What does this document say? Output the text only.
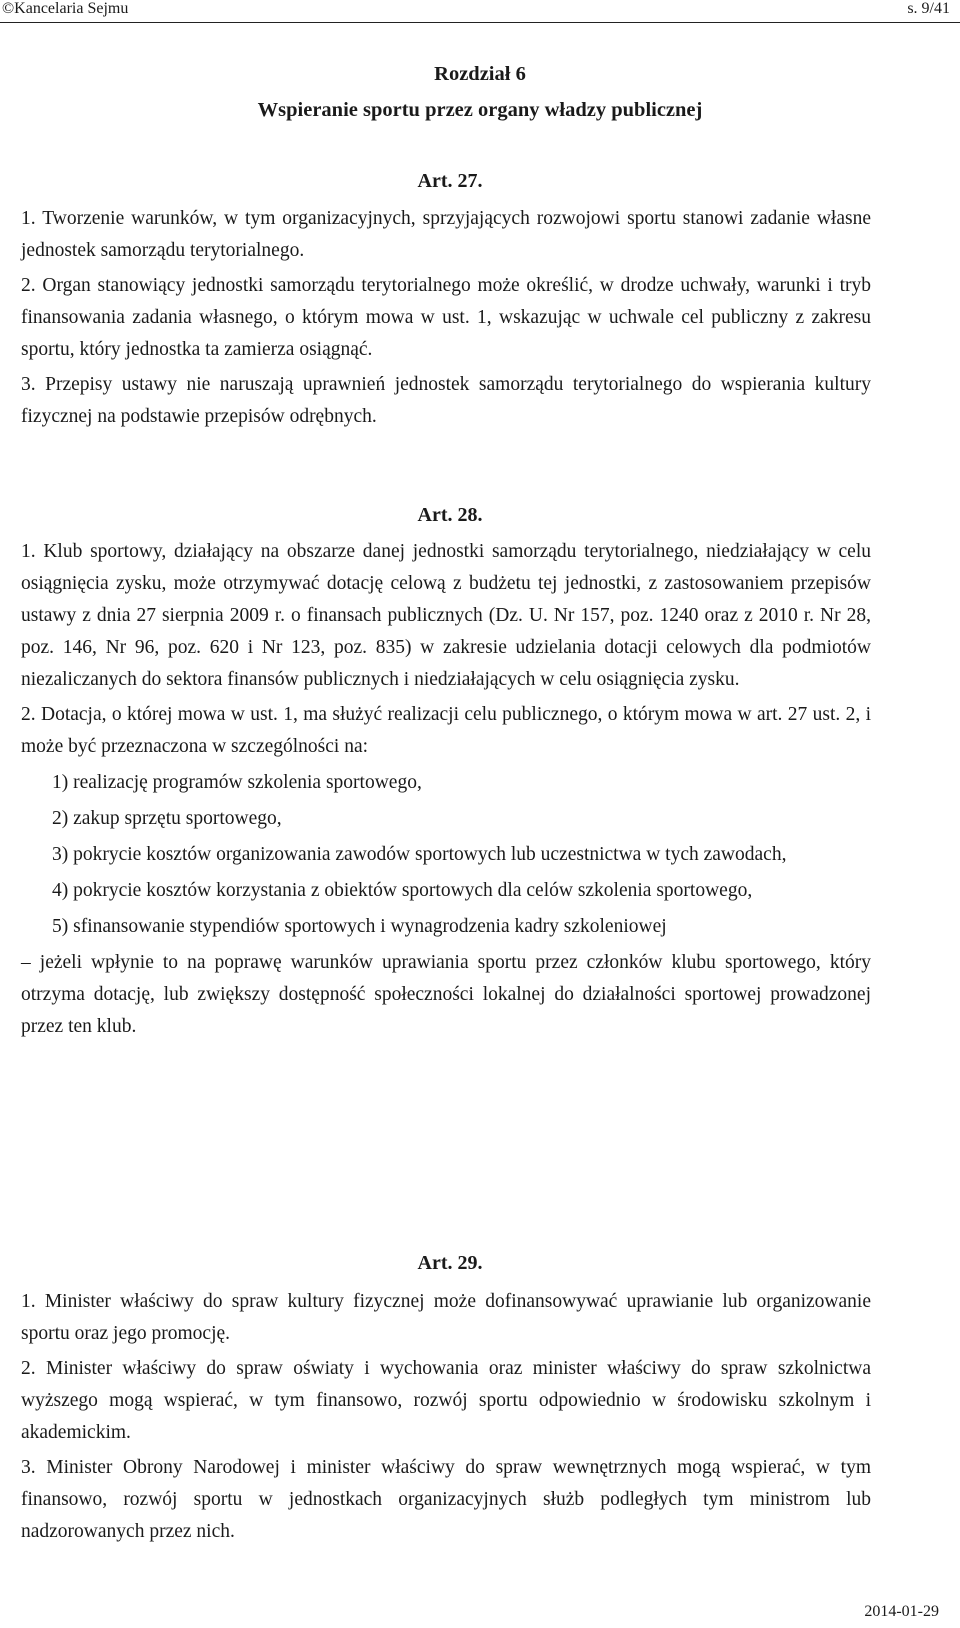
©Kancelaria Sejmu	s. 9/41
Rozdział 6
Wspieranie sportu przez organy władzy publicznej
Art. 27.

1. Tworzenie warunków, w tym organizacyjnych, sprzyjających rozwojowi sportu stanowi zadanie własne jednostek samorządu terytorialnego.

2. Organ stanowiący jednostki samorządu terytorialnego może określić, w drodze uchwały, warunki i tryb finansowania zadania własnego, o którym mowa w ust. 1, wskazując w uchwale cel publiczny z zakresu sportu, który jednostka ta zamierza osiągnąć.

3. Przepisy ustawy nie naruszają uprawnień jednostek samorządu terytorialnego do wspierania kultury fizycznej na podstawie przepisów odrębnych.

Art. 28.

1. Klub sportowy, działający na obszarze danej jednostki samorządu terytorialnego, niedziałający w celu osiągnięcia zysku, może otrzymywać dotację celową z budżetu tej jednostki, z zastosowaniem przepisów ustawy z dnia 27 sierpnia 2009 r. o finansach publicznych (Dz. U. Nr 157, poz. 1240 oraz z 2010 r. Nr 28, poz. 146, Nr 96, poz. 620 i Nr 123, poz. 835) w zakresie udzielania dotacji celowych dla podmiotów niezaliczanych do sektora finansów publicznych i niedziałających w celu osiągnięcia zysku.

2. Dotacja, o której mowa w ust. 1, ma służyć realizacji celu publicznego, o którym mowa w art. 27 ust. 2, i może być przeznaczona w szczególności na:

1) realizację programów szkolenia sportowego,

2) zakup sprzętu sportowego,

3) pokrycie kosztów organizowania zawodów sportowych lub uczestnictwa w tych zawodach,

4) pokrycie kosztów korzystania z obiektów sportowych dla celów szkolenia sportowego,

5) sfinansowanie stypendiów sportowych i wynagrodzenia kadry szkoleniowej

– jeżeli wpłynie to na poprawę warunków uprawiania sportu przez członków klubu sportowego, który otrzyma dotację, lub zwiększy dostępność społeczności lokalnej do działalności sportowej prowadzonej przez ten klub.

Art. 29.

1. Minister właściwy do spraw kultury fizycznej może dofinansowywać uprawianie lub organizowanie sportu oraz jego promocję.

2. Minister właściwy do spraw oświaty i wychowania oraz minister właściwy do spraw szkolnictwa wyższego mogą wspierać, w tym finansowo, rozwój sportu odpowiednio w środowisku szkolnym i akademickim.

3. Minister Obrony Narodowej i minister właściwy do spraw wewnętrznych mogą wspierać, w tym finansowo, rozwój sportu w jednostkach organizacyjnych służb podległych tym ministrom lub nadzorowanych przez nich.

2014-01-29
